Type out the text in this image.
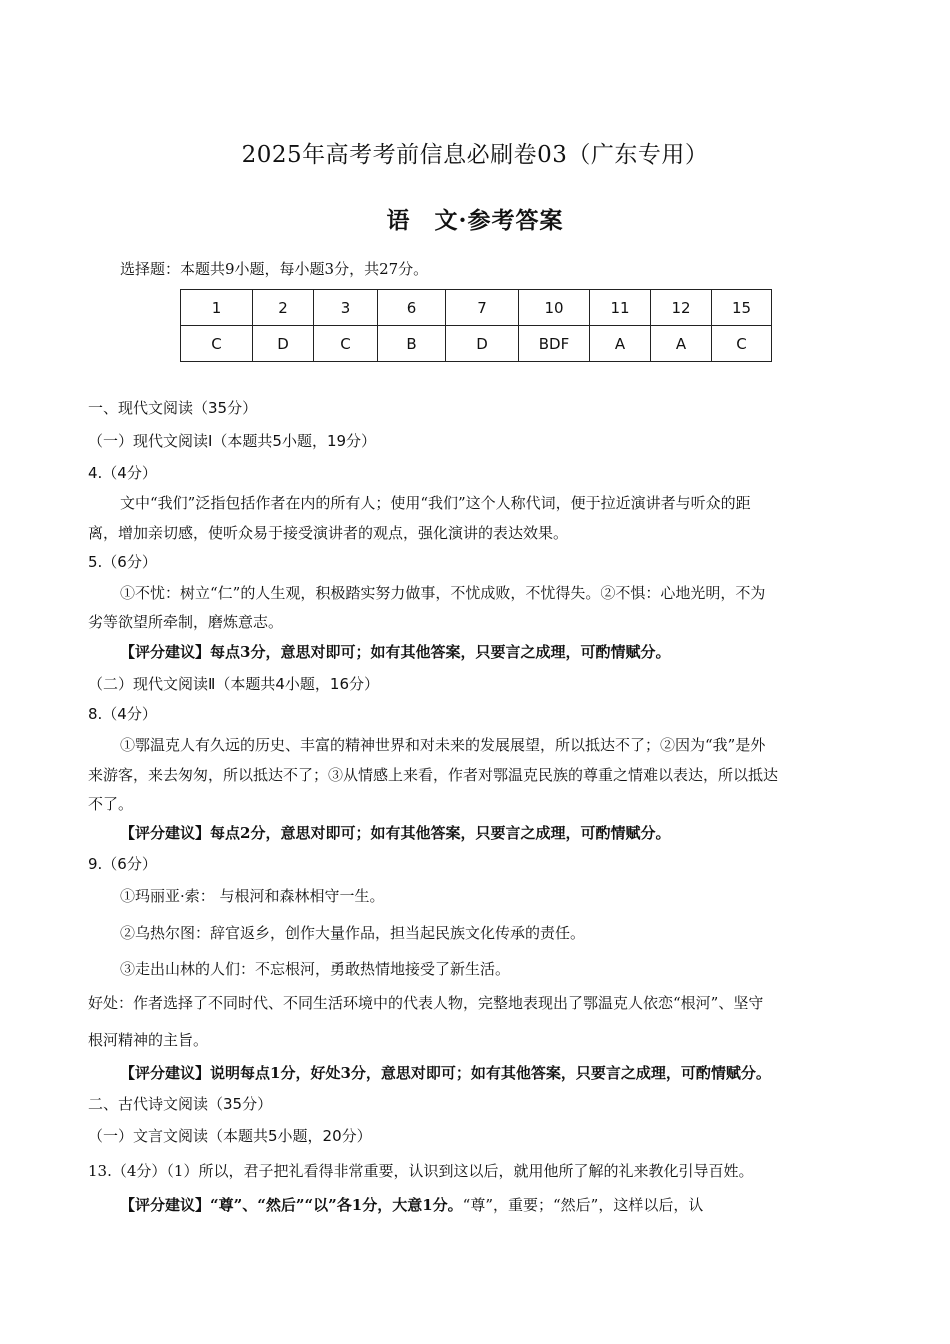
2025年高考考前信息必刷卷03（广东专用）
语　文·参考答案
选择题：本题共9小题，每小题3分，共27分。
1	2	3	6	7	10	11	12	15
C	D	C	B	D	BDF	A	A	C
一、现代文阅读（35分）
（一）现代文阅读Ⅰ（本题共5小题，19分）
4.（4分）
文中“我们”泛指包括作者在内的所有人；使用“我们”这个人称代词，便于拉近演讲者与听众的距
离，增加亲切感，使听众易于接受演讲者的观点，强化演讲的表达效果。
5.（6分）
①不忧：树立“仁”的人生观，积极踏实努力做事，不忧成败，不忧得失。②不惧：心地光明，不为
劣等欲望所牵制，磨炼意志。
【评分建议】每点3分，意思对即可；如有其他答案，只要言之成理，可酌情赋分。
（二）现代文阅读Ⅱ（本题共4小题，16分）
8.（4分）
①鄂温克人有久远的历史、丰富的精神世界和对未来的发展展望，所以抵达不了；②因为“我”是外
来游客，来去匆匆，所以抵达不了；③从情感上来看，作者对鄂温克民族的尊重之情难以表达，所以抵达
不了。
【评分建议】每点2分，意思对即可；如有其他答案，只要言之成理，可酌情赋分。
9.（6分）
①玛丽亚·索： 与根河和森林相守一生。
②乌热尔图：辞官返乡，创作大量作品，担当起民族文化传承的责任。
③走出山林的人们：不忘根河，勇敢热情地接受了新生活。
好处：作者选择了不同时代、不同生活环境中的代表人物，完整地表现出了鄂温克人依恋“根河”、坚守
根河精神的主旨。
【评分建议】说明每点1分，好处3分，意思对即可；如有其他答案，只要言之成理，可酌情赋分。
二、古代诗文阅读（35分）
（一）文言文阅读（本题共5小题，20分）
13.（4分）（1）所以，君子把礼看得非常重要，认识到这以后，就用他所了解的礼来教化引导百姓。
【评分建议】“尊”、“然后”“以”各1分，大意1分。“尊”，重要；“然后”，这样以后，认
